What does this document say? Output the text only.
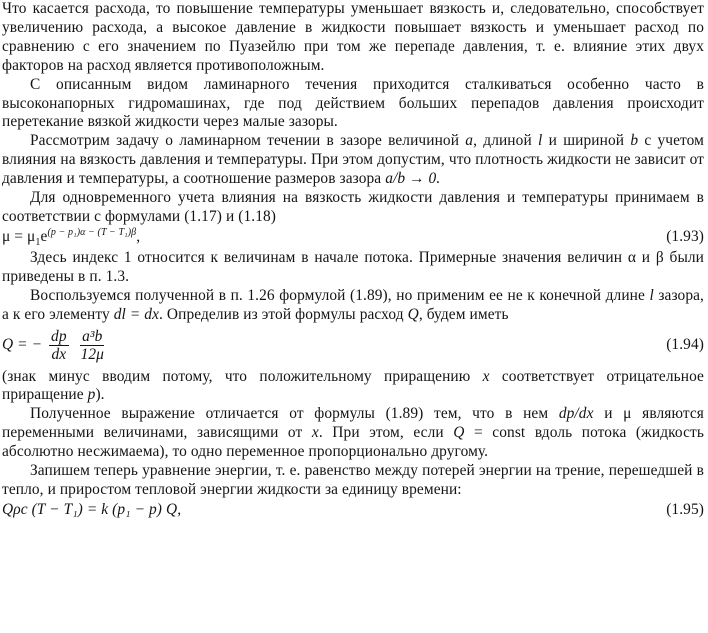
Что касается расхода, то повышение температуры уменьшает вязкость и, следовательно, способствует увеличению расхода, а высокое давление в жидкости повышает вязкость и уменьшает расход по сравнению с его значением по Пуазейлю при том же перепаде давления, т. е. влияние этих двух факторов на расход является противоположным.

С описанным видом ламинарного течения приходится сталкиваться особенно часто в высоконапорных гидромашинах, где под действием больших перепадов давления происходит перетекание вязкой жидкости через малые зазоры.

Рассмотрим задачу о ламинарном течении в зазоре величиной a, длиной l и шириной b с учетом влияния на вязкость давления и температуры. При этом допустим, что плотность жидкости не зависит от давления и температуры, а соотношение размеров зазора a/b → 0.

Для одновременного учета влияния на вязкость жидкости давления и температуры принимаем в соответствии с формулами (1.17) и (1.18)

$\mu = \mu_1e^{(p - p_1)\alpha - (T - T_1)\beta}$,	(1.93)

Здесь индекс 1 относится к величинам в начале потока. Примерные значения величин α и β были приведены в п. 1.3.

Воспользуемся полученной в п. 1.26 формулой (1.89), но применим ее не к конечной длине l зазора, а к его элементу dl = dx. Определив из этой формулы расход Q, будем иметь

Q = − $\frac{dp}{dx}$
$\frac{\text{a³b}}{12\mu}$	(1.94)

(знак минус вводим потому, что положительному приращению x соответствует отрицательное приращение p).

Полученное выражение отличается от формулы (1.89) тем, что в нем dp/dx и μ являются переменными величинами, зависящими от x. При этом, если Q = const вдоль потока (жидкость абсолютно несжимаема), то одно переменное пропорционально другому.

Запишем теперь уравнение энергии, т. е. равенство между потерей энергии на трение, перешедшей в тепло, и приростом тепловой энергии жидкости за единицу времени:

Qρc (T − T₁) = k (p₁ − p) Q,	(1.95)
